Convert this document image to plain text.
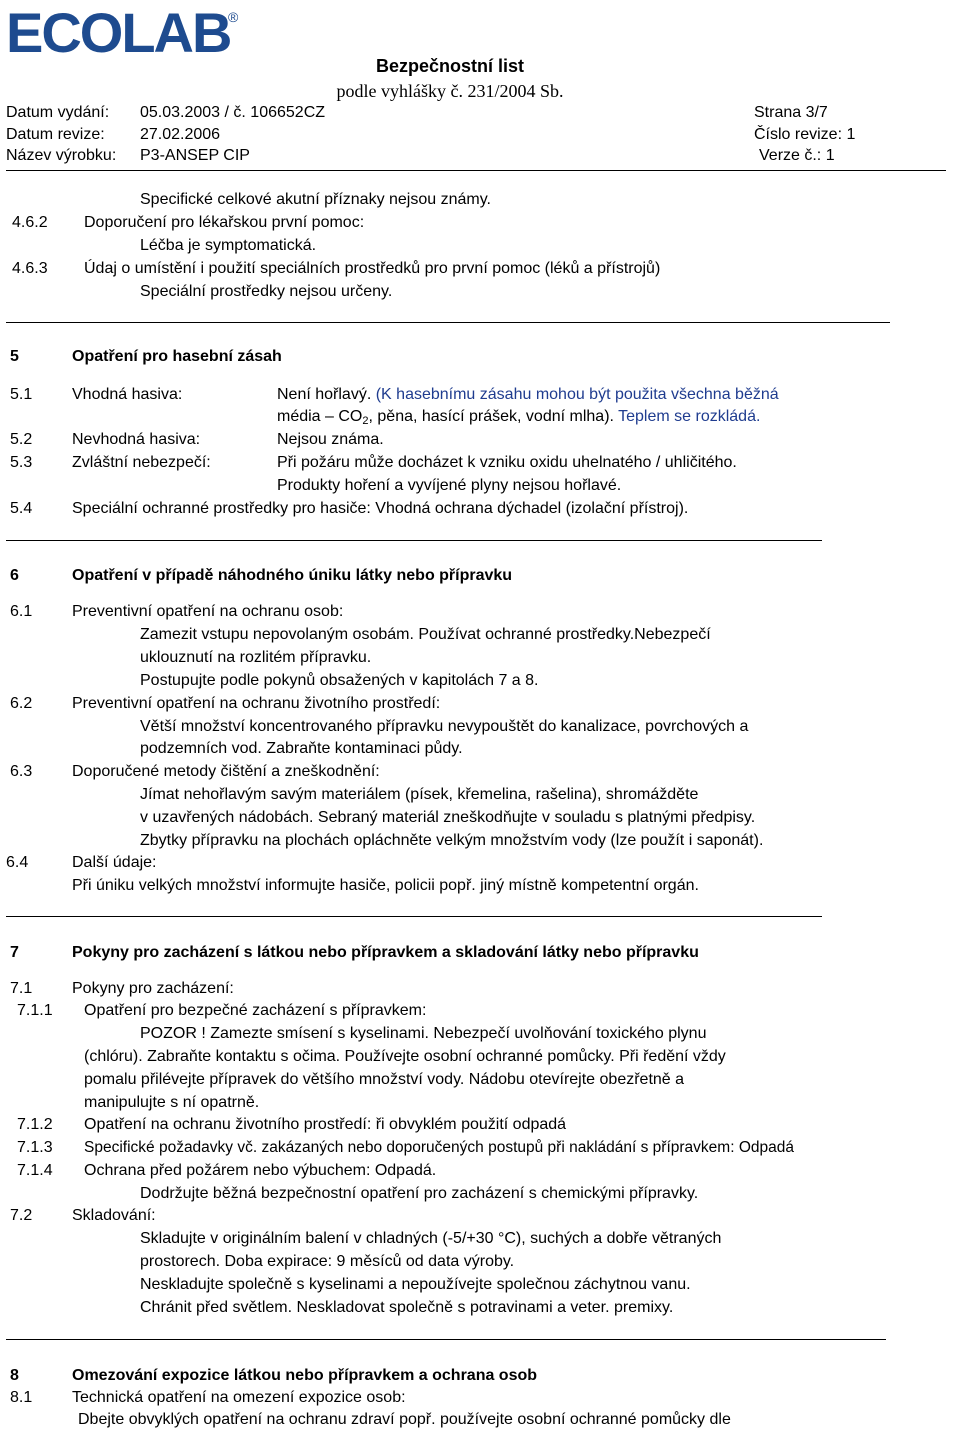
ECOLAB
®
Bezpečnostní list
podle vyhlášky č. 231/2004 Sb.
Datum vydání: 05.03.2003 / č. 106652CZ	Strana 3/7
Datum revize: 27.02.2006	Číslo revize: 1
Název výrobku: P3-ANSEP CIP	Verze č.: 1
Specifické celkové akutní příznaky nejsou známy.
4.6.2 Doporučení pro lékařskou první pomoc:
Léčba je symptomatická.
4.6.3 Údaj o umístění i použití speciálních prostředků pro první pomoc (léků a přístrojů)
Speciální prostředky nejsou určeny.
5	Opatření pro hasební zásah
5.1 Vhodná hasiva:	Není hořlavý. (K hasebnímu zásahu mohou být použita všechna běžná
média – $CO_2$, pěna, hasící prášek, vodní mlha). Teplem se rozkládá.
5.2 Nevhodná hasiva:	Nejsou známa.
5.3 Zvláštní nebezpečí:	Při požáru může docházet k vzniku oxidu uhelnatého / uhličitého.
Produkty hoření a vyvíjené plyny nejsou hořlavé.
5.4 Speciální ochranné prostředky pro hasiče: Vhodná ochrana dýchadel (izolační přístroj).
6	Opatření v případě náhodného úniku látky nebo přípravku
6.1 Preventivní opatření na ochranu osob:
Zamezit vstupu nepovolaným osobám. Používat ochranné prostředky.Nebezpečí
uklouznutí na rozlitém přípravku.
Postupujte podle pokynů obsažených v kapitolách 7 a 8.
6.2 Preventivní opatření na ochranu životního prostředí:
Větší množství koncentrovaného přípravku nevypouštět do kanalizace, povrchových a
podzemních vod. Zabraňte kontaminaci půdy.
6.3 Doporučené metody čištění a zneškodnění:
Jímat nehořlavým savým materiálem (písek, křemelina, rašelina), shromážděte
v uzavřených nádobách. Sebraný materiál zneškodňujte v souladu s platnými předpisy.
Zbytky přípravku na plochách opláchněte velkým množstvím vody (lze použít i saponát).
6.4	Další údaje:
Při úniku velkých množství informujte hasiče, policii popř. jiný místně kompetentní orgán.
7	Pokyny pro zacházení s látkou nebo přípravkem a skladování látky nebo přípravku
7.1 Pokyny pro zacházení:
7.1.1 Opatření pro bezpečné zacházení s přípravkem:
POZOR ! Zamezte smísení s kyselinami. Nebezpečí uvolňování toxického plynu
(chlóru). Zabraňte kontaktu s očima. Používejte osobní ochranné pomůcky. Při ředění vždy
pomalu přilévejte přípravek do většího množství vody. Nádobu otevírejte obezřetně a
manipulujte s ní opatrně.
7.1.2 Opatření na ochranu životního prostředí: ři obvyklém použití odpadá
7.1.3 Specifické požadavky vč. zakázaných nebo doporučených postupů při nakládání s přípravkem: Odpadá
7.1.4 Ochrana před požárem nebo výbuchem: Odpadá.
Dodržujte běžná bezpečnostní opatření pro zacházení s chemickými přípravky.
7.2 Skladování:
Skladujte v originálním balení v chladných (-5/+30 °C), suchých a dobře větraných
prostorech. Doba expirace: 9 měsíců od data výroby.
Neskladujte společně s kyselinami a nepoužívejte společnou záchytnou vanu.
Chránit před světlem. Neskladovat společně s potravinami a veter. premixy.
8	Omezování expozice látkou nebo přípravkem a ochrana osob
8.1 Technická opatření na omezení expozice osob:
Dbejte obvyklých opatření na ochranu zdraví popř. používejte osobní ochranné pomůcky dle
